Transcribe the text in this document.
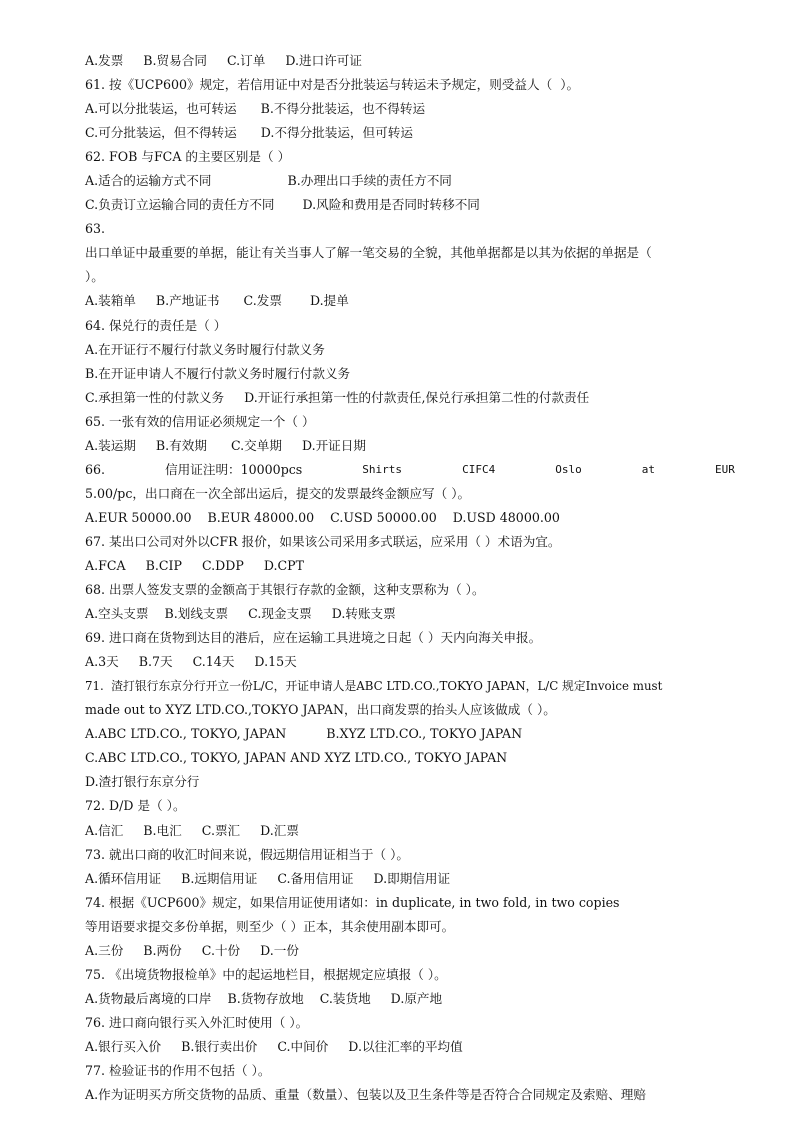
A.发票     B.贸易合同     C.订单     D.进口许可证
61. 按《UCP600》规定，若信用证中对是否分批装运与转运未予规定，则受益人（  ）。
A.可以分批装运，也可转运      B.不得分批装运，也不得转运
C.可分批装运，但不得转运      D.不得分批装运，但可转运
62. FOB 与FCA 的主要区别是（ ）
A.适合的运输方式不同                   B.办理出口手续的责任方不同
C.负责订立运输合同的责任方不同       D.风险和费用是否同时转移不同
63.
出口单证中最重要的单据，能让有关当事人了解一笔交易的全貌，其他单据都是以其为依据的单据是（
）。
A.装箱单     B.产地证书      C.发票       D.提单
64. 保兑行的责任是（ ）
A.在开证行不履行付款义务时履行付款义务
B.在开证申请人不履行付款义务时履行付款义务
C.承担第一性的付款义务     D.开证行承担第一性的付款责任,保兑行承担第二性的付款责任
65. 一张有效的信用证必须规定一个（ ）
A.装运期     B.有效期      C.交单期     D.开证日期
66.	信用证注明：10000pcs	Shirts	CIFC4	Oslo	at	EUR
5.00/pc，出口商在一次全部出运后，提交的发票最终金额应写（ ）。
A.EUR 50000.00    B.EUR 48000.00    C.USD 50000.00    D.USD 48000.00
67. 某出口公司对外以CFR 报价，如果该公司采用多式联运，应采用（ ）术语为宜。
A.FCA     B.CIP     C.DDP     D.CPT
68. 出票人签发支票的金额高于其银行存款的金额，这种支票称为（ ）。
A.空头支票    B.划线支票     C.现金支票     D.转账支票
69. 进口商在货物到达目的港后，应在运输工具进境之日起（ ）天内向海关申报。
A.3天     B.7天     C.14天     D.15天
71.  渣打银行东京分行开立一份L/C，开证申请人是ABC LTD.CO.,TOKYO JAPAN，L/C 规定Invoice must
made out to XYZ LTD.CO.,TOKYO JAPAN，出口商发票的抬头人应该做成（ ）。
A.ABC LTD.CO., TOKYO, JAPAN          B.XYZ LTD.CO., TOKYO JAPAN
C.ABC LTD.CO., TOKYO, JAPAN AND XYZ LTD.CO., TOKYO JAPAN
D.渣打银行东京分行
72. D/D 是（ ）。
A.信汇     B.电汇     C.票汇     D.汇票
73. 就出口商的收汇时间来说，假远期信用证相当于（ ）。
A.循环信用证     B.远期信用证     C.备用信用证     D.即期信用证
74. 根据《UCP600》规定，如果信用证使用诸如：in duplicate, in two fold, in two copies
等用语要求提交多份单据，则至少（ ）正本，其余使用副本即可。
A.三份     B.两份     C.十份     D.一份
75. 《出境货物报检单》中的起运地栏目，根据规定应填报（ ）。
A.货物最后离境的口岸    B.货物存放地    C.装货地     D.原产地
76. 进口商向银行买入外汇时使用（ ）。
A.银行买入价     B.银行卖出价     C.中间价     D.以往汇率的平均值
77. 检验证书的作用不包括（ ）。
A.作为证明买方所交货物的品质、重量（数量）、包装以及卫生条件等是否符合合同规定及索赔、理赔
